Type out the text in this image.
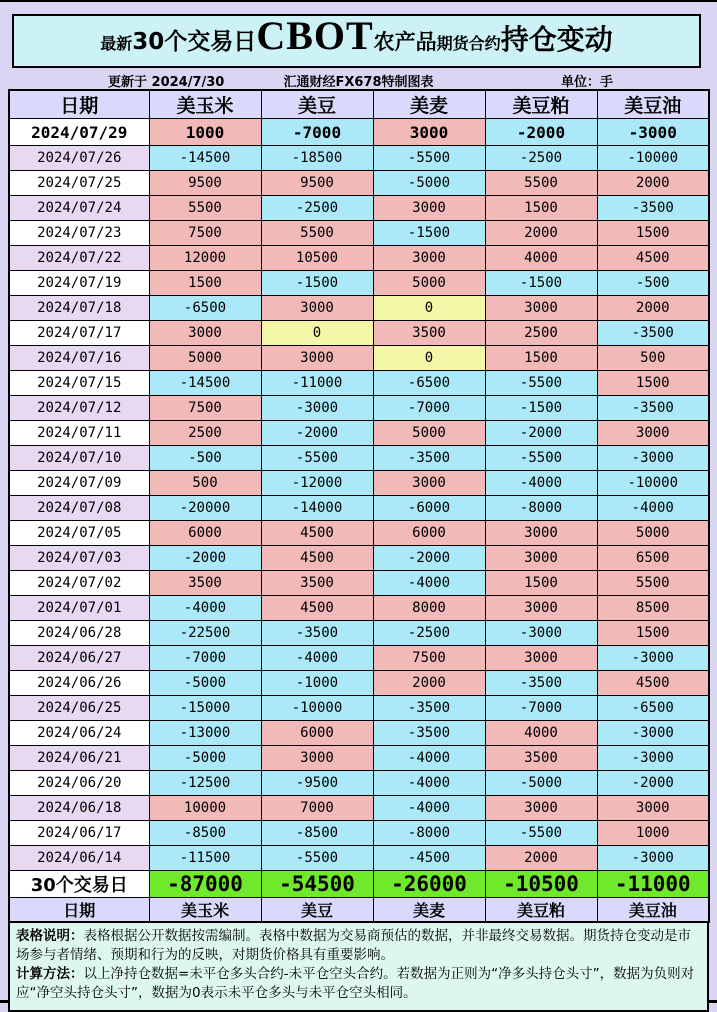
最新 30个交易日 CBOT 农产品 期货合约 持仓变动
更新于 2024/7/30	汇通财经FX678特制图表	单位：手
日期	美玉米	美豆	美麦	美豆粕	美豆油
2024/07/29	1000	-7000	3000	-2000	-3000
2024/07/26	-14500	-18500	-5500	-2500	-10000
2024/07/25	9500	9500	-5000	5500	2000
2024/07/24	5500	-2500	3000	1500	-3500
2024/07/23	7500	5500	-1500	2000	1500
2024/07/22	12000	10500	3000	4000	4500
2024/07/19	1500	-1500	5000	-1500	-500
2024/07/18	-6500	3000	0	3000	2000
2024/07/17	3000	0	3500	2500	-3500
2024/07/16	5000	3000	0	1500	500
2024/07/15	-14500	-11000	-6500	-5500	1500
2024/07/12	7500	-3000	-7000	-1500	-3500
2024/07/11	2500	-2000	5000	-2000	3000
2024/07/10	-500	-5500	-3500	-5500	-3000
2024/07/09	500	-12000	3000	-4000	-10000
2024/07/08	-20000	-14000	-6000	-8000	-4000
2024/07/05	6000	4500	6000	3000	5000
2024/07/03	-2000	4500	-2000	3000	6500
2024/07/02	3500	3500	-4000	1500	5500
2024/07/01	-4000	4500	8000	3000	8500
2024/06/28	-22500	-3500	-2500	-3000	1500
2024/06/27	-7000	-4000	7500	3000	-3000
2024/06/26	-5000	-1000	2000	-3500	4500
2024/06/25	-15000	-10000	-3500	-7000	-6500
2024/06/24	-13000	6000	-3500	4000	-3000
2024/06/21	-5000	3000	-4000	3500	-3000
2024/06/20	-12500	-9500	-4000	-5000	-2000
2024/06/18	10000	7000	-4000	3000	3000
2024/06/17	-8500	-8500	-8000	-5500	1000
2024/06/14	-11500	-5500	-4500	2000	-3000
30个交易日	-87000	-54500	-26000	-10500	-11000
日期	美玉米	美豆	美麦	美豆粕	美豆油

表格说明：表格根据公开数据按需编制。表格中数据为交易商预估的数据，并非最终交易数据。期货持仓变动是市场参与者情绪、预期和行为的反映，对期货价格具有重要影响。

计算方法：以上净持仓数据=未平仓多头合约-未平仓空头合约。若数据为正则为“净多头持仓头寸”，数据为负则对应“净空头持仓头寸”，数据为0表示未平仓多头与未平仓空头相同。
